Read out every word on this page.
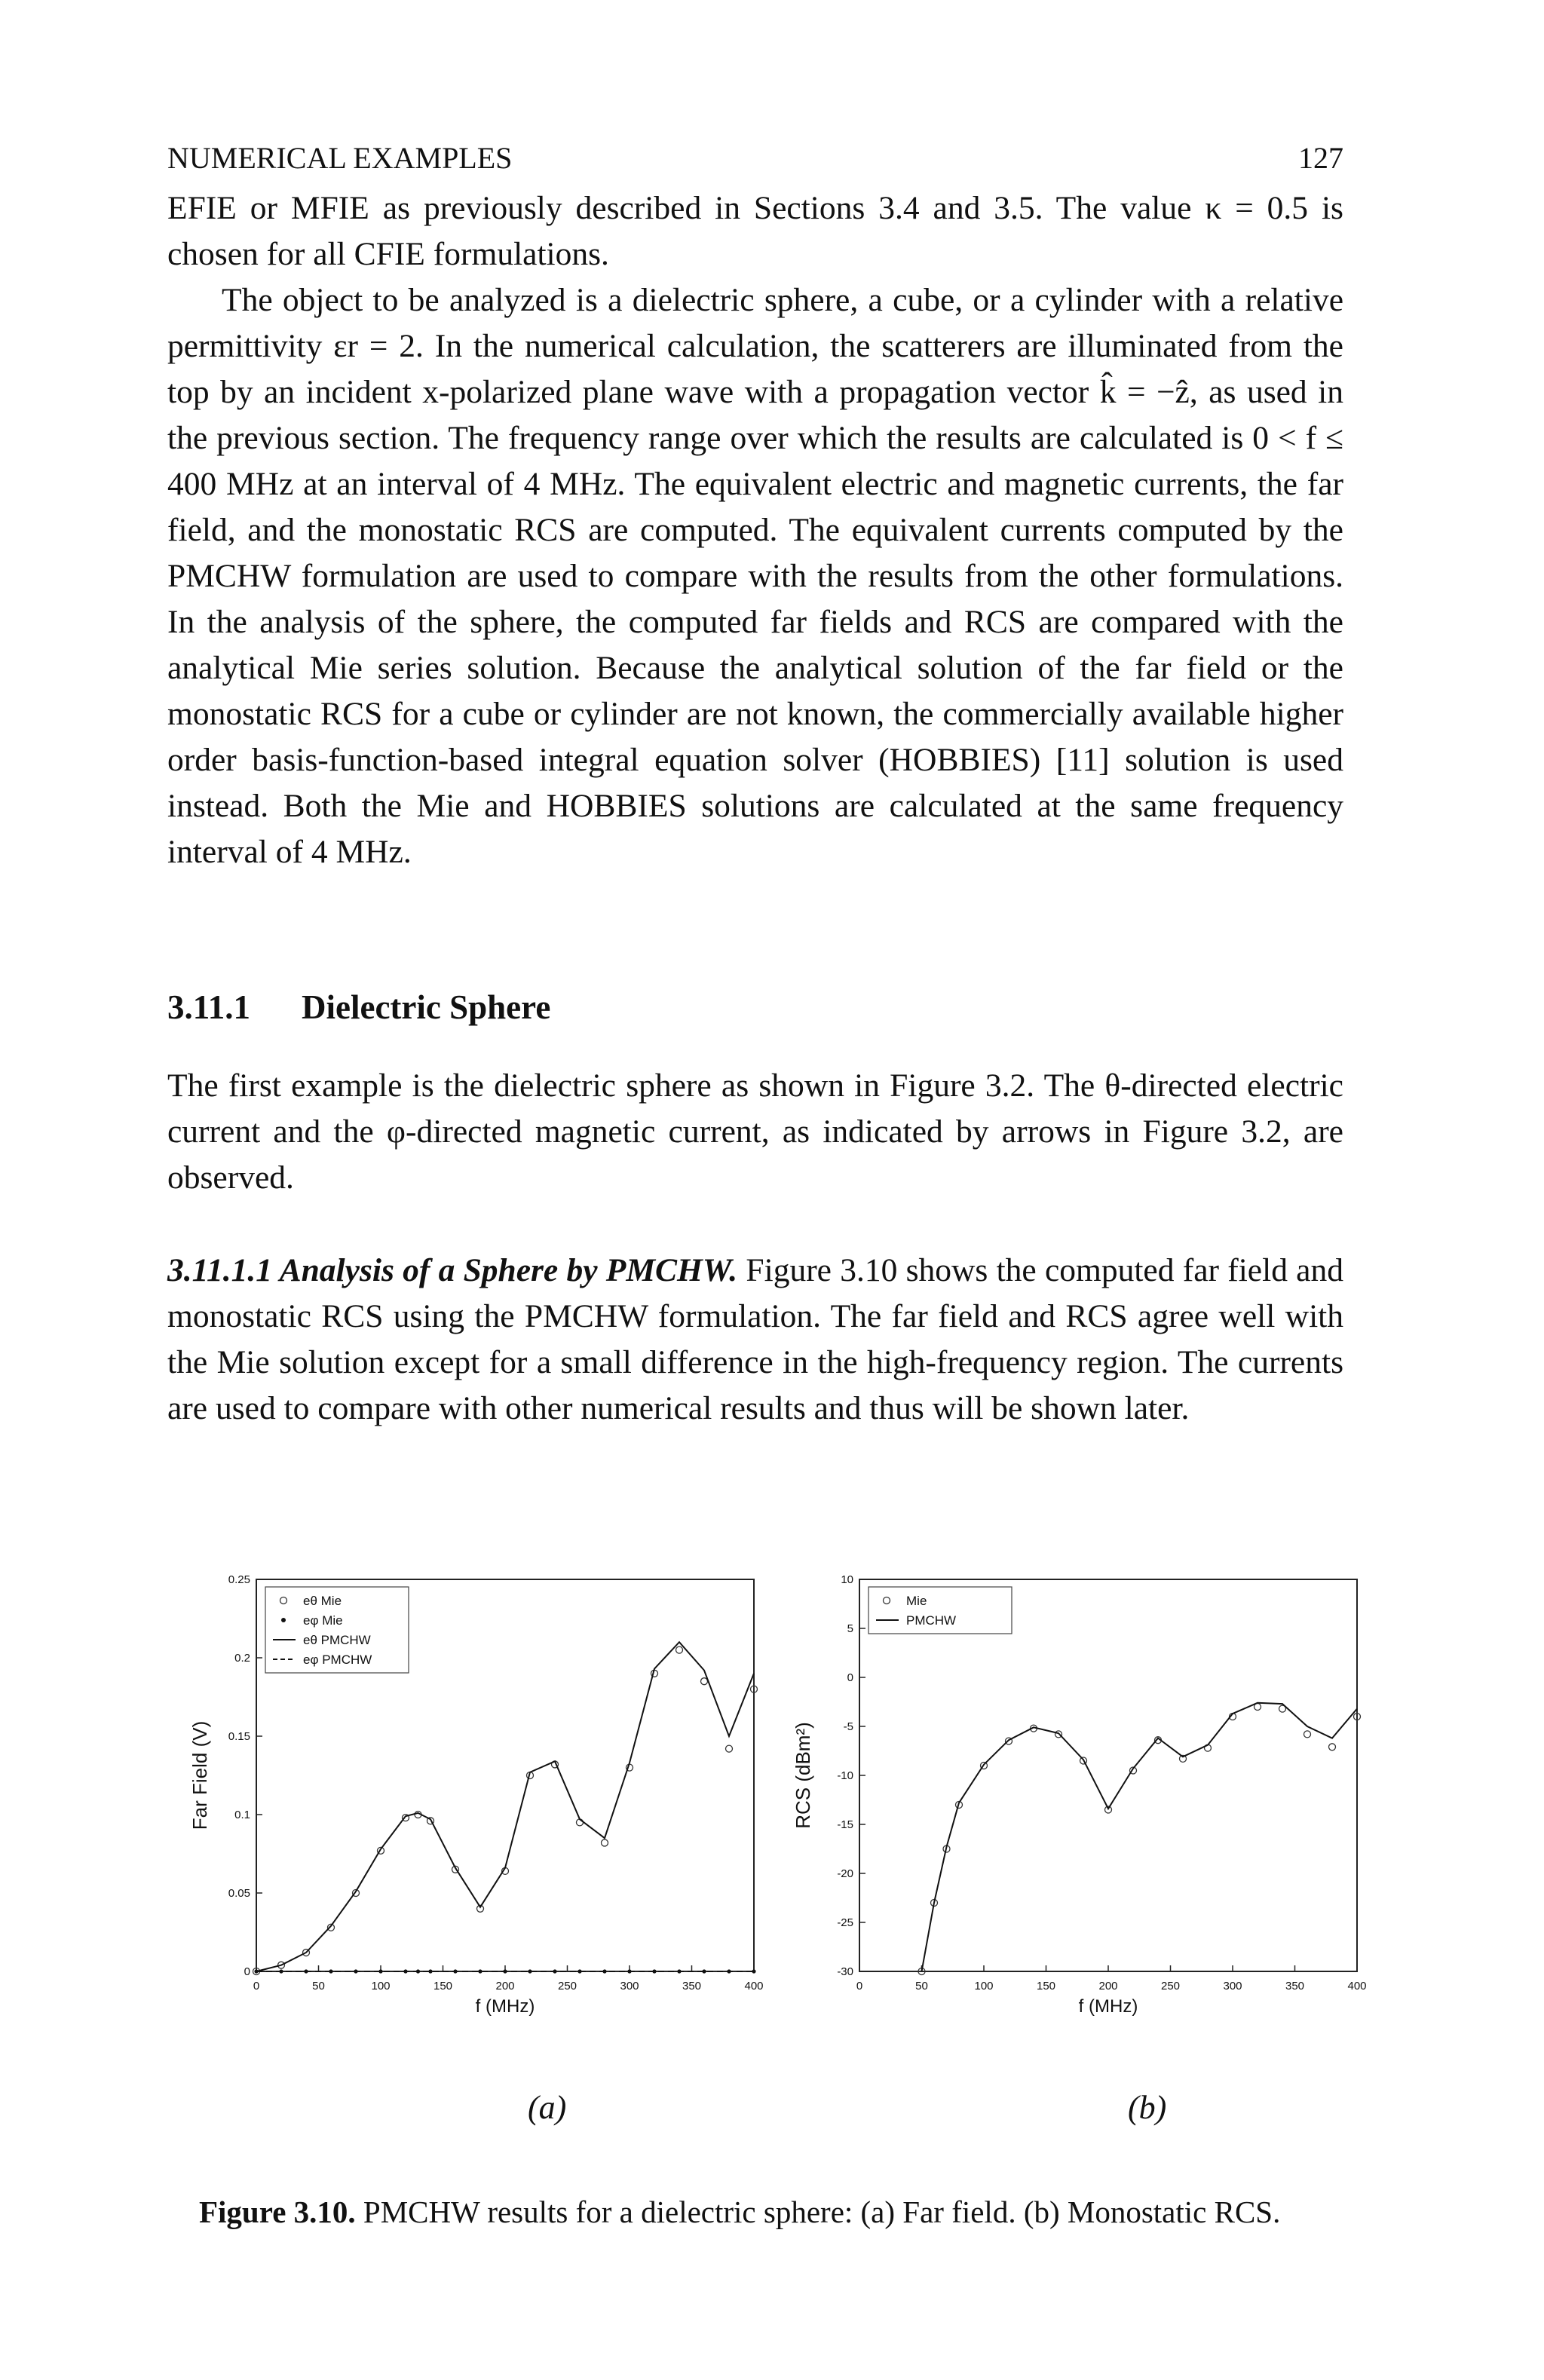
NUMERICAL EXAMPLES	127

EFIE or MFIE as previously described in Sections 3.4 and 3.5. The value κ = 0.5 is chosen for all CFIE formulations.

The object to be analyzed is a dielectric sphere, a cube, or a cylinder with a relative permittivity εr = 2. In the numerical calculation, the scatterers are illuminated from the top by an incident x-polarized plane wave with a propagation vector k̂ = −ẑ, as used in the previous section. The frequency range over which the results are calculated is 0 < f ≤ 400 MHz at an interval of 4 MHz. The equivalent electric and magnetic currents, the far field, and the monostatic RCS are computed. The equivalent currents computed by the PMCHW formulation are used to compare with the results from the other formulations. In the analysis of the sphere, the computed far fields and RCS are compared with the analytical Mie series solution. Because the analytical solution of the far field or the monostatic RCS for a cube or cylinder are not known, the commercially available higher order basis-function-based integral equation solver (HOBBIES) [11] solution is used instead. Both the Mie and HOBBIES solutions are calculated at the same frequency interval of 4 MHz.

3.11.1 Dielectric Sphere

The first example is the dielectric sphere as shown in Figure 3.2. The θ-directed electric current and the φ-directed magnetic current, as indicated by arrows in Figure 3.2, are observed.

3.11.1.1 Analysis of a Sphere by PMCHW. Figure 3.10 shows the computed far field and monostatic RCS using the PMCHW formulation. The far field and RCS agree well with the Mie solution except for a small difference in the high-frequency region. The currents are used to compare with other numerical results and thus will be shown later.

0	50	100	150	200	250	300	350	400
0
0.05
0.1
0.15
0.2
0.25
f (MHz)
Far Field (V)
eθ Mie
eφ Mie
eθ PMCHW
eφ PMCHW
0	50	100	150	200	250	300	350	400
-30
-25
-20
-15
-10
-5
0
5
10
f (MHz)
RCS (dBm²)
Mie
PMCHW
(a)	(b)
Figure 3.10. PMCHW results for a dielectric sphere: (a) Far field. (b) Monostatic RCS.
